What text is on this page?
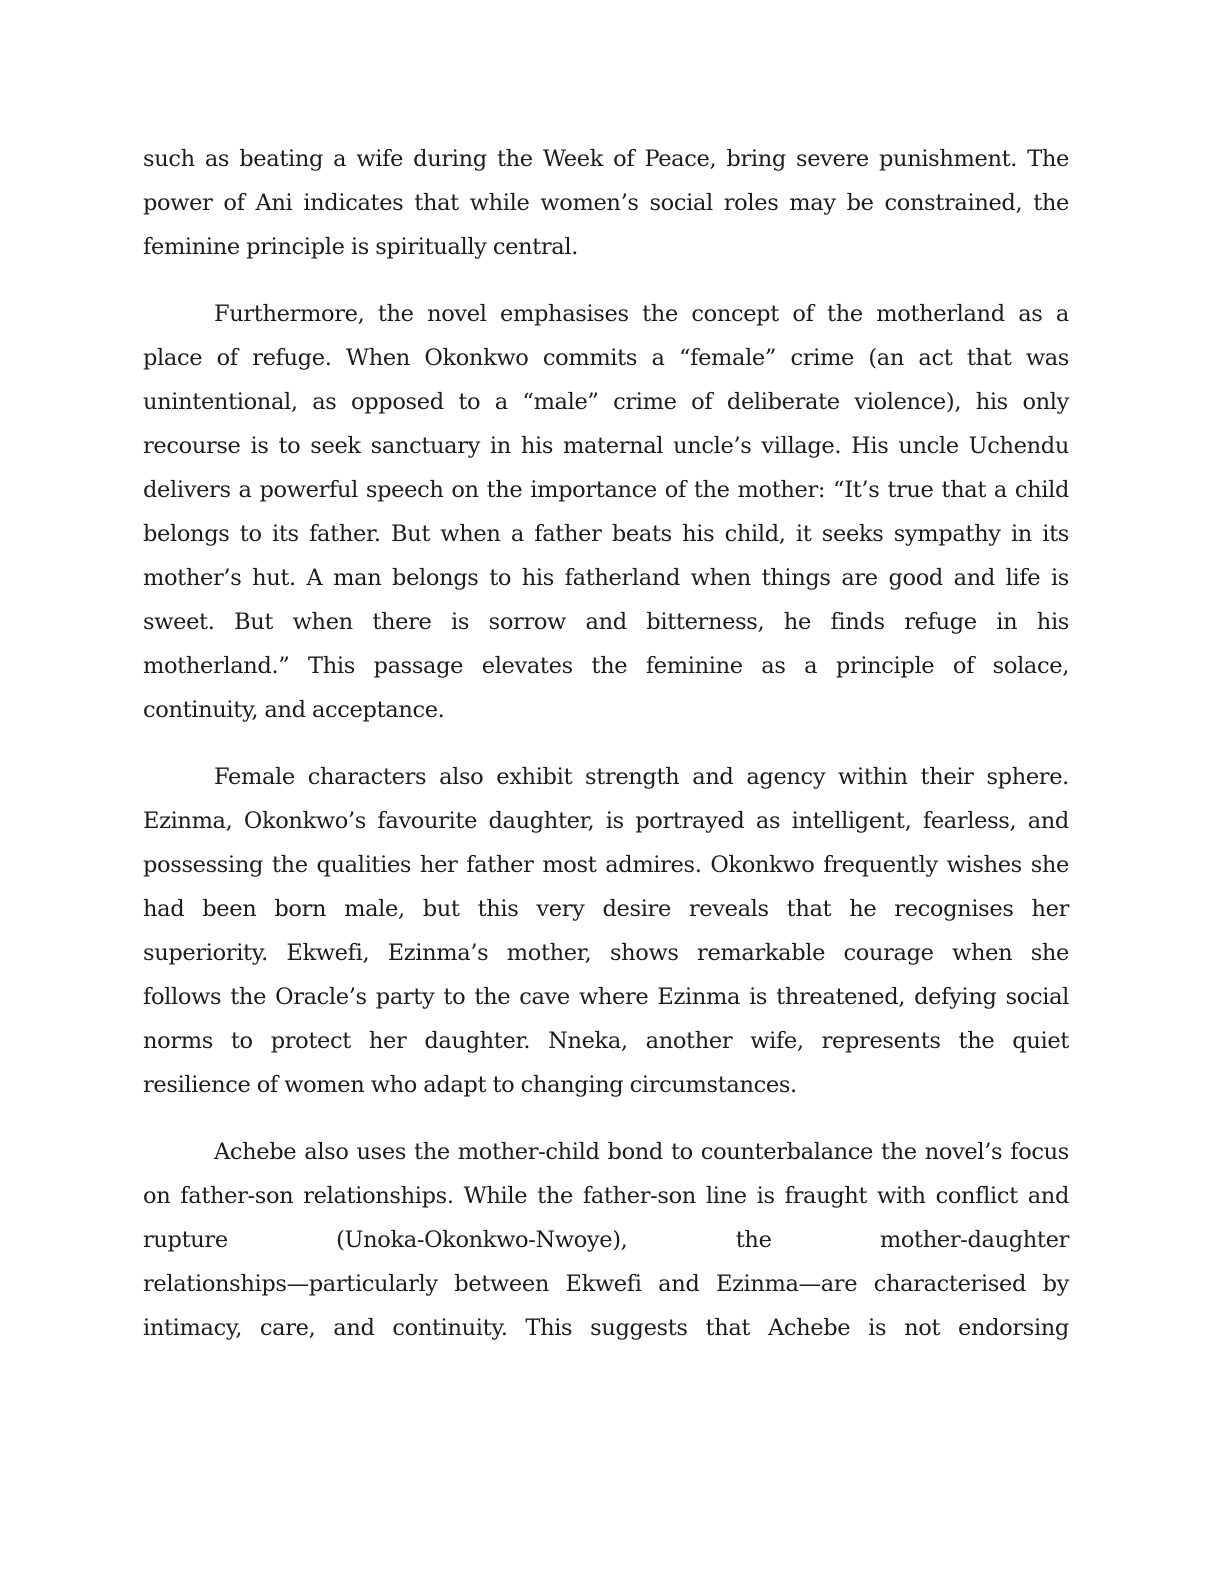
such as beating a wife during the Week of Peace, bring severe punishment. The
power of Ani indicates that while women’s social roles may be constrained, the
feminine principle is spiritually central.
Furthermore, the novel emphasises the concept of the motherland as a
place of refuge. When Okonkwo commits a “female” crime (an act that was
unintentional, as opposed to a “male” crime of deliberate violence), his only
recourse is to seek sanctuary in his maternal uncle’s village. His uncle Uchendu
delivers a powerful speech on the importance of the mother: “It’s true that a child
belongs to its father. But when a father beats his child, it seeks sympathy in its
mother’s hut. A man belongs to his fatherland when things are good and life is
sweet. But when there is sorrow and bitterness, he finds refuge in his
motherland.” This passage elevates the feminine as a principle of solace,
continuity, and acceptance.
Female characters also exhibit strength and agency within their sphere.
Ezinma, Okonkwo’s favourite daughter, is portrayed as intelligent, fearless, and
possessing the qualities her father most admires. Okonkwo frequently wishes she
had been born male, but this very desire reveals that he recognises her
superiority. Ekwefi, Ezinma’s mother, shows remarkable courage when she
follows the Oracle’s party to the cave where Ezinma is threatened, defying social
norms to protect her daughter. Nneka, another wife, represents the quiet
resilience of women who adapt to changing circumstances.
Achebe also uses the mother-child bond to counterbalance the novel’s focus
on father-son relationships. While the father-son line is fraught with conflict and
rupture (Unoka-Okonkwo-Nwoye), the mother-daughter
relationships—particularly between Ekwefi and Ezinma—are characterised by
intimacy, care, and continuity. This suggests that Achebe is not endorsing
